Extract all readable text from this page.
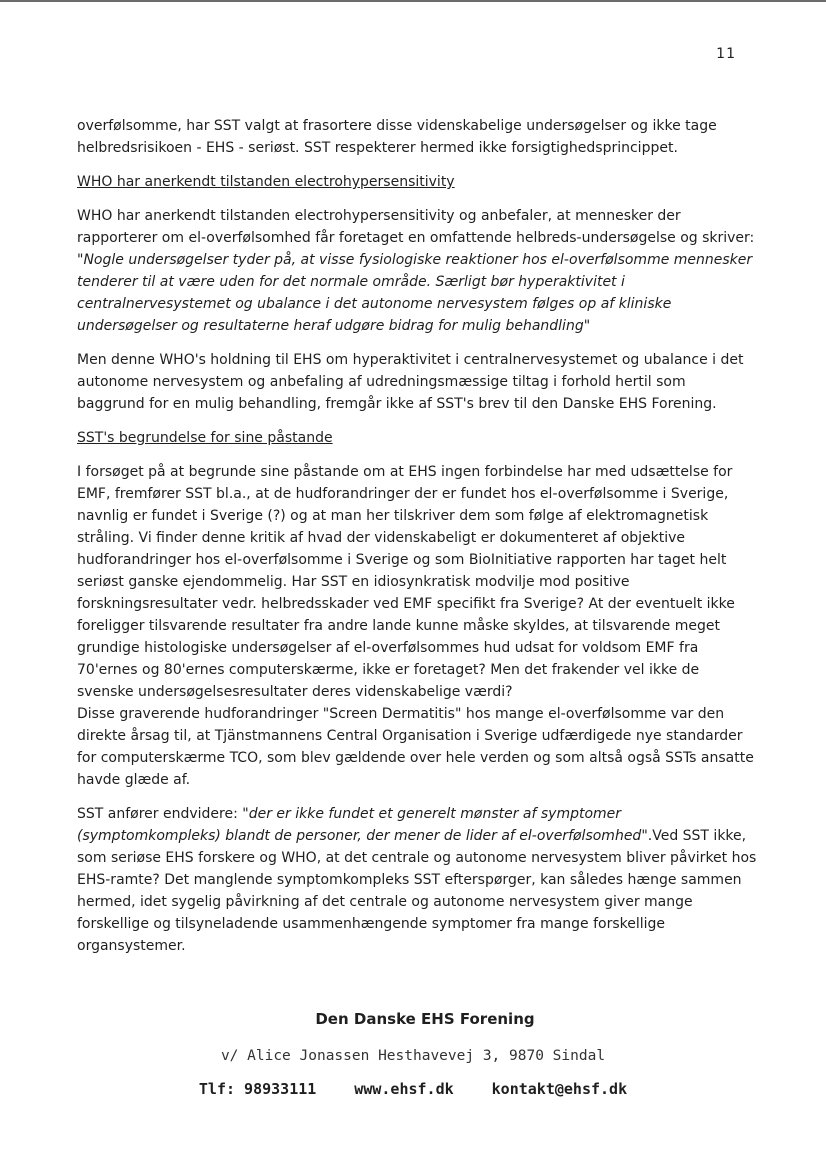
11

overfølsomme, har SST valgt at frasortere disse videnskabelige undersøgelser og ikke tage helbredsrisikoen - EHS - seriøst. SST respekterer hermed ikke forsigtighedsprincippet.

WHO har anerkendt tilstanden electrohypersensitivity

WHO har anerkendt tilstanden electrohypersensitivity og anbefaler, at mennesker der rapporterer om el-overfølsomhed får foretaget en omfattende helbreds-undersøgelse og skriver: "Nogle undersøgelser tyder på, at visse fysiologiske reaktioner hos el-overfølsomme mennesker tenderer til at være uden for det normale område. Særligt bør hyperaktivitet i centralnervesystemet og ubalance i det autonome nervesystem følges op af kliniske undersøgelser og resultaterne heraf udgøre bidrag for mulig behandling"

Men denne WHO's holdning til EHS om hyperaktivitet i centralnervesystemet og ubalance i det autonome nervesystem og anbefaling af udredningsmæssige tiltag i forhold hertil som baggrund for en mulig behandling, fremgår ikke af SST's brev til den Danske EHS Forening.

SST's begrundelse for sine påstande

I forsøget på at begrunde sine påstande om at EHS ingen forbindelse har med udsættelse for EMF, fremfører SST bl.a., at de hudforandringer der er fundet hos el-overfølsomme i Sverige, navnlig er fundet i Sverige (?) og at man her tilskriver dem som følge af elektromagnetisk stråling. Vi finder denne kritik af hvad der videnskabeligt er dokumenteret af objektive hudforandringer hos el-overfølsomme i Sverige og som BioInitiative rapporten har taget helt seriøst ganske ejendommelig. Har SST en idiosynkratisk modvilje mod positive forskningsresultater vedr. helbredsskader ved EMF specifikt fra Sverige? At der eventuelt ikke foreligger tilsvarende resultater fra andre lande kunne måske skyldes, at tilsvarende meget grundige histologiske undersøgelser af el-overfølsommes hud udsat for voldsom EMF fra 70'ernes og 80'ernes computerskærme, ikke er foretaget? Men det frakender vel ikke de svenske undersøgelsesresultater deres videnskabelige værdi?

Disse graverende hudforandringer "Screen Dermatitis" hos mange el-overfølsomme var den direkte årsag til, at Tjänstmannens Central Organisation i Sverige udfærdigede nye standarder for computerskærme TCO, som blev gældende over hele verden og som altså også SSTs ansatte havde glæde af.

SST anfører endvidere: "der er ikke fundet et generelt mønster af symptomer (symptomkompleks) blandt de personer, der mener de lider af el-overfølsomhed".Ved SST ikke, som seriøse EHS forskere og WHO, at det centrale og autonome nervesystem bliver påvirket hos EHS-ramte? Det manglende symptomkompleks SST efterspørger, kan således hænge sammen hermed, idet sygelig påvirkning af det centrale og autonome nervesystem giver mange forskellige og tilsyneladende usammenhængende symptomer fra mange forskellige organsystemer.

Den Danske EHS Forening
v/ Alice Jonassen Hesthavevej 3, 9870 Sindal
Tlf: 98933111	www.ehsf.dk	kontakt@ehsf.dk
